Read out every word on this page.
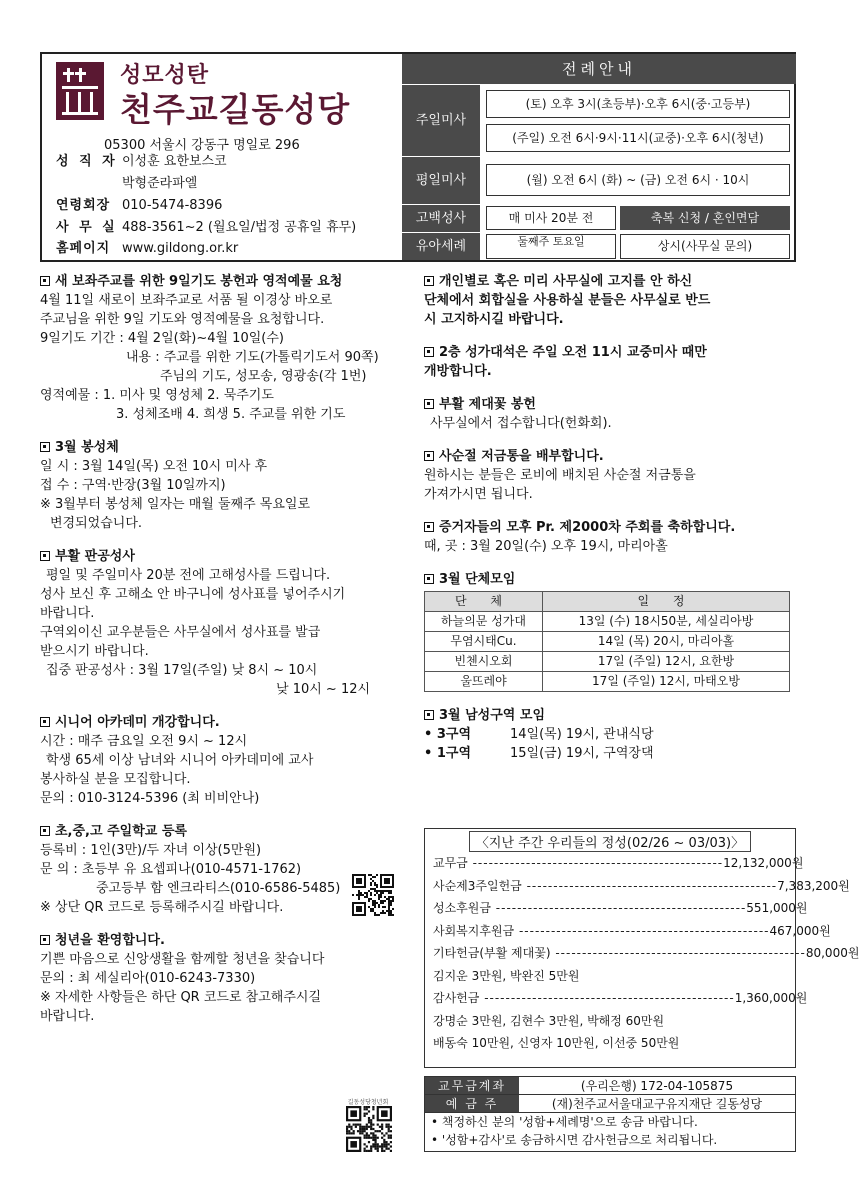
성모성탄
천주교길동성당
05300 서울시 강동구 명일로 296
성 직 자 이성훈 요한보스코
박형준라파엘
연령회장 010-5474-8396
사 무 실 488-3561~2 (월요일/법정 공휴일 휴무)
홈페이지 www.gildong.or.kr
전례안내
주일미사
(토) 오후 3시(초등부)·오후 6시(중·고등부)
(주일) 오전 6시·9시·11시(교중)·오후 6시(청년)
평일미사	(월) 오전 6시 (화) ~ (금) 오전 6시 · 10시
고백성사	매 미사 20분 전	축복 신청 / 혼인면담
유아세례	둘째주 토요일	상시(사무실 문의)
새 보좌주교를 위한 9일기도 봉헌과 영적예물 요청
4월 11일 새로이 보좌주교로 서품 될 이경상 바오로
주교님을 위한 9일 기도와 영적예물을 요청합니다.
9일기도 기간 : 4월 2일(화)~4월 10일(수)
내용 : 주교를 위한 기도(가톨릭기도서 90쪽)
주님의 기도, 성모송, 영광송(각 1번)
영적예물 : 1. 미사 및 영성체 2. 묵주기도
3. 성체조배 4. 희생 5. 주교를 위한 기도
3월 봉성체
일 시 : 3월 14일(목) 오전 10시 미사 후
접 수 : 구역·반장(3월 10일까지)
※ 3월부터 봉성체 일자는 매월 둘째주 목요일로
변경되었습니다.
부활 판공성사
평일 및 주일미사 20분 전에 고해성사를 드립니다.
성사 보신 후 고해소 안 바구니에 성사표를 넣어주시기
바랍니다.
구역외이신 교우분들은 사무실에서 성사표를 발급
받으시기 바랍니다.
집중 판공성사 : 3월 17일(주일) 낮 8시 ~ 10시
낮 10시 ~ 12시
시니어 아카데미 개강합니다.
시간 : 매주 금요일 오전 9시 ~ 12시
학생 65세 이상 남녀와 시니어 아카데미에 교사
봉사하실 분을 모집합니다.
문의 : 010-3124-5396 (최 비비안나)
초,중,고 주일학교 등록
등록비 : 1인(3만)/두 자녀 이상(5만원)
문 의 : 초등부 유 요셉피나(010-4571-1762)
중고등부 함 엔크라티스(010-6586-5485)
※ 상단 QR 코드로 등록해주시길 바랍니다.
청년을 환영합니다.
기쁜 마음으로 신앙생활을 함께할 청년을 찾습니다
문의 : 최 세실리아(010-6243-7330)
※ 자세한 사항들은 하단 QR 코드로 참고해주시길
바랍니다.
길동성당청년회
개인별로 혹은 미리 사무실에 고지를 안 하신
단체에서 회합실을 사용하실 분들은 사무실로 반드
시 고지하시길 바랍니다.
2층 성가대석은 주일 오전 11시 교중미사 때만
개방합니다.
부활 제대꽃 봉헌
사무실에서 접수합니다(헌화회).
사순절 저금통을 배부합니다.
원하시는 분들은 로비에 배치된 사순절 저금통을
가져가시면 됩니다.
증거자들의 모후 Pr. 제2000차 주회를 축하합니다.
때, 곳 : 3월 20일(수) 오후 19시, 마리아홀
3월 단체모임
단 체	일 정
하늘의문 성가대	13일 (수) 18시50분, 세실리아방
무염시태Cu.	14일 (목) 20시, 마리아홀
빈첸시오회	17일 (주일) 12시, 요한방
울뜨레야	17일 (주일) 12시, 마태오방
3월 남성구역 모임
• 3구역	14일(목) 19시, 관내식당
• 1구역	15일(금) 19시, 구역장댁
〈지난 주간 우리들의 정성(02/26 ~ 03/03)〉
교무금 ----------------------------------------------- 12,132,000원
사순제3주일헌금 ----------------------------------------------- 7,383,200원
성소후원금 ----------------------------------------------- 551,000원
사회복지후원금 ----------------------------------------------- 467,000원
기타헌금(부활 제대꽃) ----------------------------------------------- 80,000원
김지운 3만원, 박완진 5만원
감사헌금 ----------------------------------------------- 1,360,000원
강명순 3만원, 김현수 3만원, 박해정 60만원
배동숙 10만원, 신영자 10만원, 이선중 50만원
교무금계좌	(우리은행) 172-04-105875
예 금 주	(재)천주교서울대교구유지재단 길동성당
• 책정하신 분의 '성함+세례명'으로 송금 바랍니다.
• '성함+감사'로 송금하시면 감사헌금으로 처리됩니다.
